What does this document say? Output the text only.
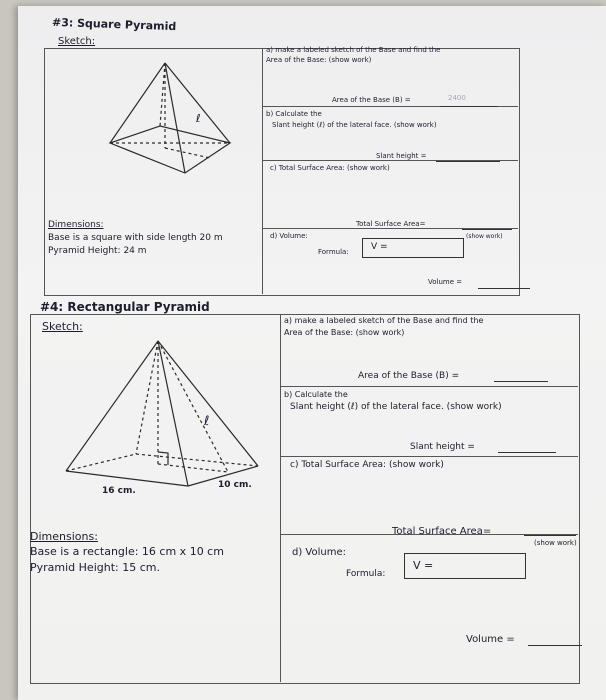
#3: Square Pyramid
Sketch:
ℓ
a) make a labeled sketch of the Base and find the
Area of the Base: (show work)
Area of the Base (B) =	2400
b) Calculate the
Slant height (ℓ) of the lateral face. (show work)
Slant height =
c) Total Surface Area: (show work)
Dimensions:
Base is a square with side length 20 m
Pyramid Height: 24 m
Total Surface Area=
d) Volume:	(show work)
Formula: V =
Volume =
#4: Rectangular Pyramid
Sketch:
ℓ
16 cm.
10 cm.
a) make a labeled sketch of the Base and find the
Area of the Base: (show work)
Area of the Base (B) =
b) Calculate the
Slant height (ℓ) of the lateral face. (show work)
Slant height =
c) Total Surface Area: (show work)
Dimensions:
Base is a rectangle: 16 cm x 10 cm
Pyramid Height: 15 cm.
Total Surface Area=
d) Volume:
(show work)
Formula:
V =
Volume =
